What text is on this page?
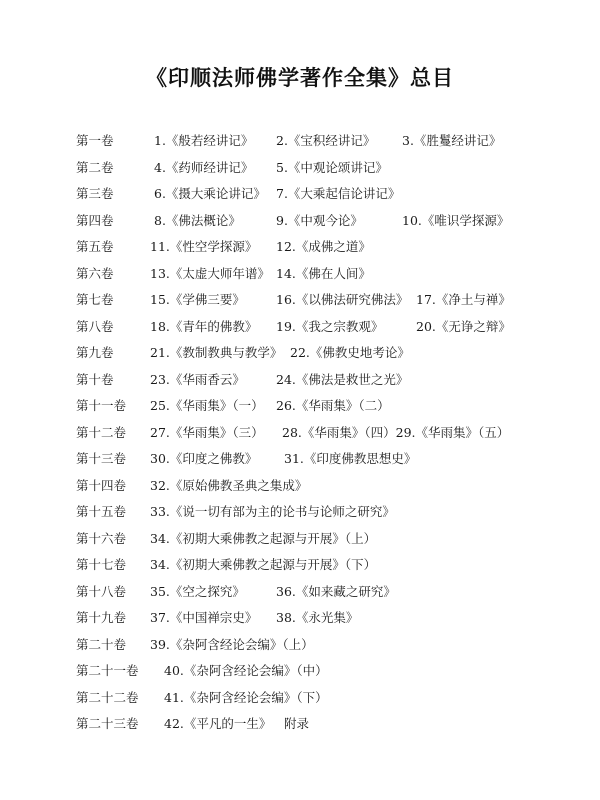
《印顺法师佛学著作全集》总目
第一卷	1.《般若经讲记》 2.《宝积经讲记》 3.《胜鬘经讲记》
第二卷	4.《药师经讲记》 5.《中观论颂讲记》
第三卷	6.《摄大乘论讲记》 7.《大乘起信论讲记》
第四卷	8.《佛法概论》	9.《中观今论》	10.《唯识学探源》
第五卷	11.《性空学探源》 12.《成佛之道》
第六卷	13.《太虚大师年谱》 14.《佛在人间》
第七卷	15.《学佛三要》 16.《以佛法研究佛法》 17.《净土与禅》
第八卷	18.《青年的佛教》 19.《我之宗教观》	20.《无诤之辩》
第九卷	21.《教制教典与教学》 22.《佛教史地考论》
第十卷	23.《华雨香云》 24.《佛法是救世之光》
第十一卷 25.《华雨集》（一） 26.《华雨集》（二）
第十二卷 27.《华雨集》（三） 28.《华雨集》（四）29.《华雨集》（五）
第十三卷 30.《印度之佛教》 31.《印度佛教思想史》
第十四卷 32.《原始佛教圣典之集成》
第十五卷 33.《说一切有部为主的论书与论师之研究》
第十六卷 34.《初期大乘佛教之起源与开展》（上）
第十七卷 34.《初期大乘佛教之起源与开展》（下）
第十八卷 35.《空之探究》 36.《如来藏之研究》
第十九卷 37.《中国禅宗史》 38.《永光集》
第二十卷 39.《杂阿含经论会编》（上）
第二十一卷 40.《杂阿含经论会编》（中）
第二十二卷 41.《杂阿含经论会编》（下）
第二十三卷 42.《平凡的一生》 附录
